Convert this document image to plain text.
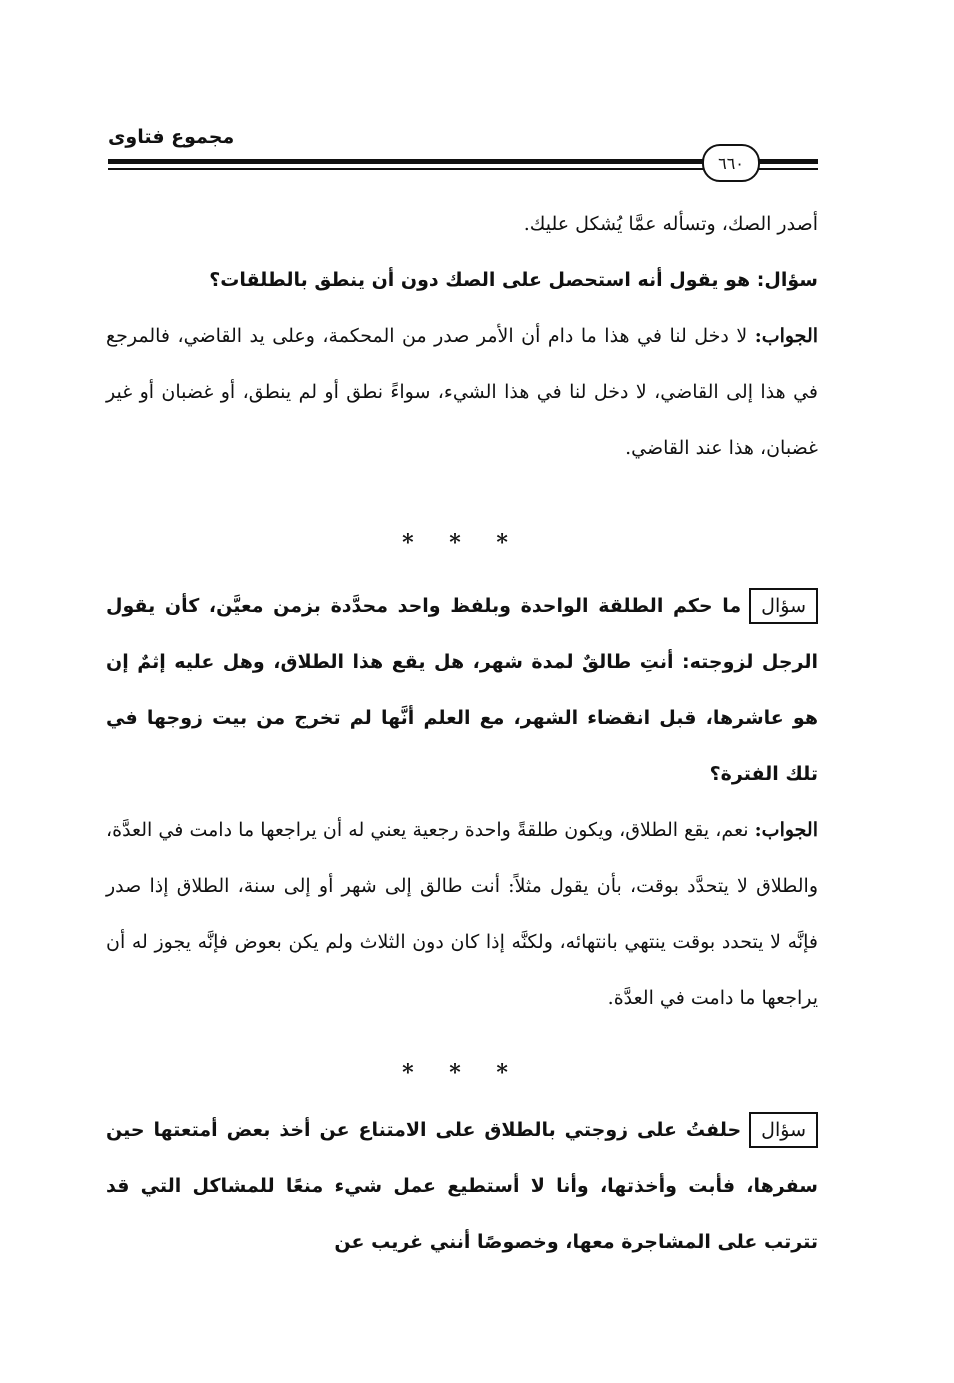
مجموع فتاوى
٦٦٠

أصدر الصك، وتسأله عمَّا يُشكل عليك.

سؤال: هو يقول أنه استحصل على الصك دون أن ينطق بالطلقات؟

الجواب: لا دخل لنا في هذا ما دام أن الأمر صدر من المحكمة، وعلى يد القاضي، فالمرجع في هذا إلى القاضي، لا دخل لنا في هذا الشيء، سواءً نطق أو لم ينطق، أو غضبان أو غير غضبان، هذا عند القاضي.

* * *

سؤالما حكم الطلقة الواحدة وبلفظ واحد محدَّدة بزمن معيَّن، كأن يقول الرجل لزوجته: أنتِ طالقٌ لمدة شهر، هل يقع هذا الطلاق، وهل عليه إثمٌ إن هو عاشرها، قبل انقضاء الشهر، مع العلم أنَّها لم تخرج من بيت زوجها في تلك الفترة؟

الجواب: نعم، يقع الطلاق، ويكون طلقةً واحدة رجعية يعني له أن يراجعها ما دامت في العدَّة، والطلاق لا يتحدَّد بوقت، بأن يقول مثلاً: أنت طالق إلى شهر أو إلى سنة، الطلاق إذا صدر فإنَّه لا يتحدد بوقت ينتهي بانتهائه، ولكنَّه إذا كان دون الثلاث ولم يكن بعوض فإنَّه يجوز له أن يراجعها ما دامت في العدَّة.

* * *

سؤالحلفتُ على زوجتي بالطلاق على الامتناع عن أخذ بعض أمتعتها حين سفرها، فأبت وأخذتها، وأنا لا أستطيع عمل شيء منعًا للمشاكل التي قد تترتب على المشاجرة معها، وخصوصًا أنني غريب عن
